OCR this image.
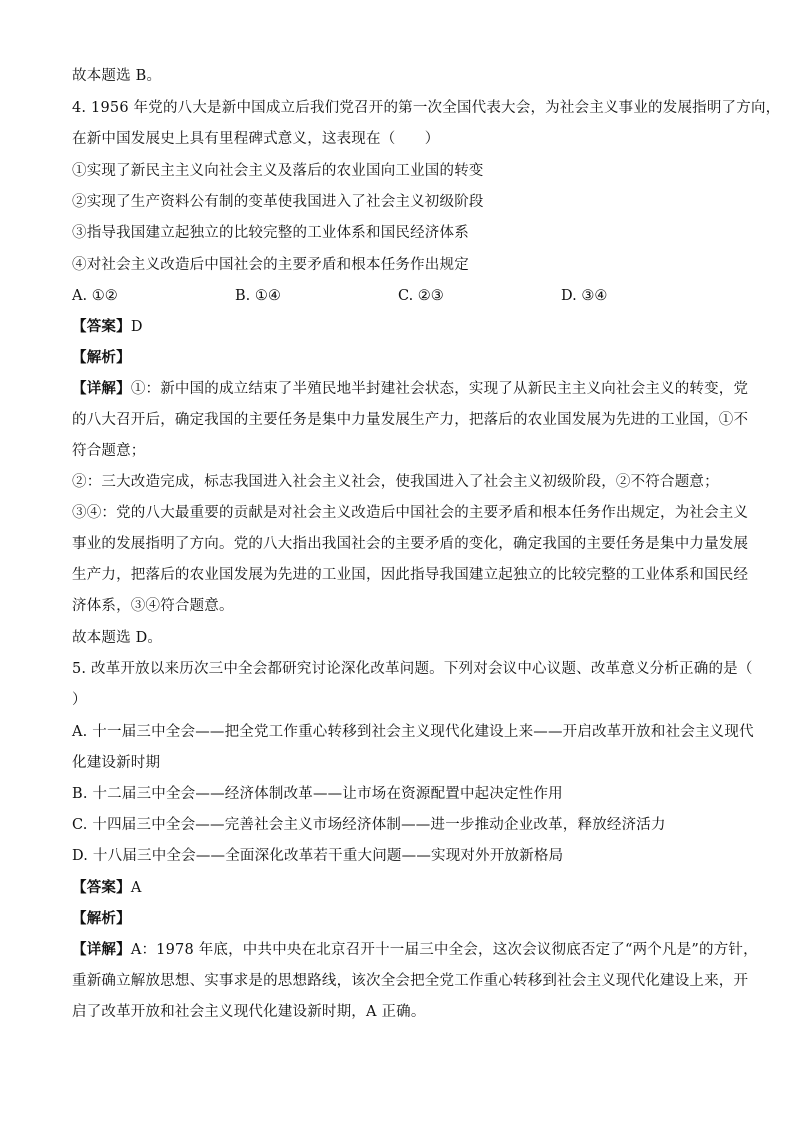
故本题选 B。
4. 1956 年党的八大是新中国成立后我们党召开的第一次全国代表大会，为社会主义事业的发展指明了方向，
在新中国发展史上具有里程碑式意义，这表现在（　　）
①实现了新民主主义向社会主义及落后的农业国向工业国的转变
②实现了生产资料公有制的变革使我国进入了社会主义初级阶段
③指导我国建立起独立的比较完整的工业体系和国民经济体系
④对社会主义改造后中国社会的主要矛盾和根本任务作出规定
A. ①②	B. ①④	C. ②③	D. ③④
【答案】D
【解析】
【详解】①：新中国的成立结束了半殖民地半封建社会状态，实现了从新民主主义向社会主义的转变，党
的八大召开后，确定我国的主要任务是集中力量发展生产力，把落后的农业国发展为先进的工业国，①不
符合题意；
②：三大改造完成，标志我国进入社会主义社会，使我国进入了社会主义初级阶段，②不符合题意；
③④：党的八大最重要的贡献是对社会主义改造后中国社会的主要矛盾和根本任务作出规定，为社会主义
事业的发展指明了方向。党的八大指出我国社会的主要矛盾的变化，确定我国的主要任务是集中力量发展
生产力，把落后的农业国发展为先进的工业国，因此指导我国建立起独立的比较完整的工业体系和国民经
济体系，③④符合题意。
故本题选 D。
5. 改革开放以来历次三中全会都研究讨论深化改革问题。下列对会议中心议题、改革意义分析正确的是（
）
A. 十一届三中全会——把全党工作重心转移到社会主义现代化建设上来——开启改革开放和社会主义现代
化建设新时期
B. 十二届三中全会——经济体制改革——让市场在资源配置中起决定性作用
C. 十四届三中全会——完善社会主义市场经济体制——进一步推动企业改革，释放经济活力
D. 十八届三中全会——全面深化改革若干重大问题——实现对外开放新格局
【答案】A
【解析】
【详解】A：1978 年底，中共中央在北京召开十一届三中全会，这次会议彻底否定了“两个凡是”的方针，
重新确立解放思想、实事求是的思想路线，该次全会把全党工作重心转移到社会主义现代化建设上来，开
启了改革开放和社会主义现代化建设新时期，A 正确。
